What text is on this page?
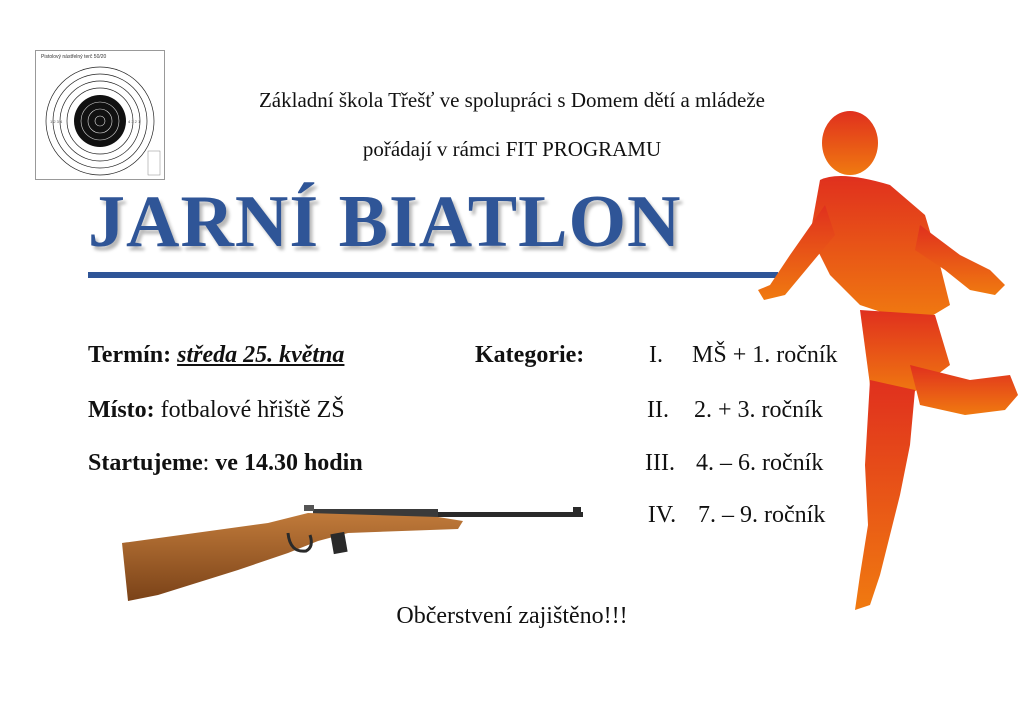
Pistolový nástřelný terč 50/20
1 2 3 4	4 3 2 1
Základní škola Třešť ve spolupráci s Domem dětí a mládeže
pořádají v rámci FIT PROGRAMU
JARNÍ BIATLON
Termín: středa 25. května
Místo: fotbalové hřiště ZŠ
Startujeme: ve 14.30 hodin
Kategorie:	I. MŠ + 1. ročník
II. 2. + 3. ročník
III. 4. – 6. ročník
IV. 7. – 9. ročník
Občerstvení zajištěno!!!
